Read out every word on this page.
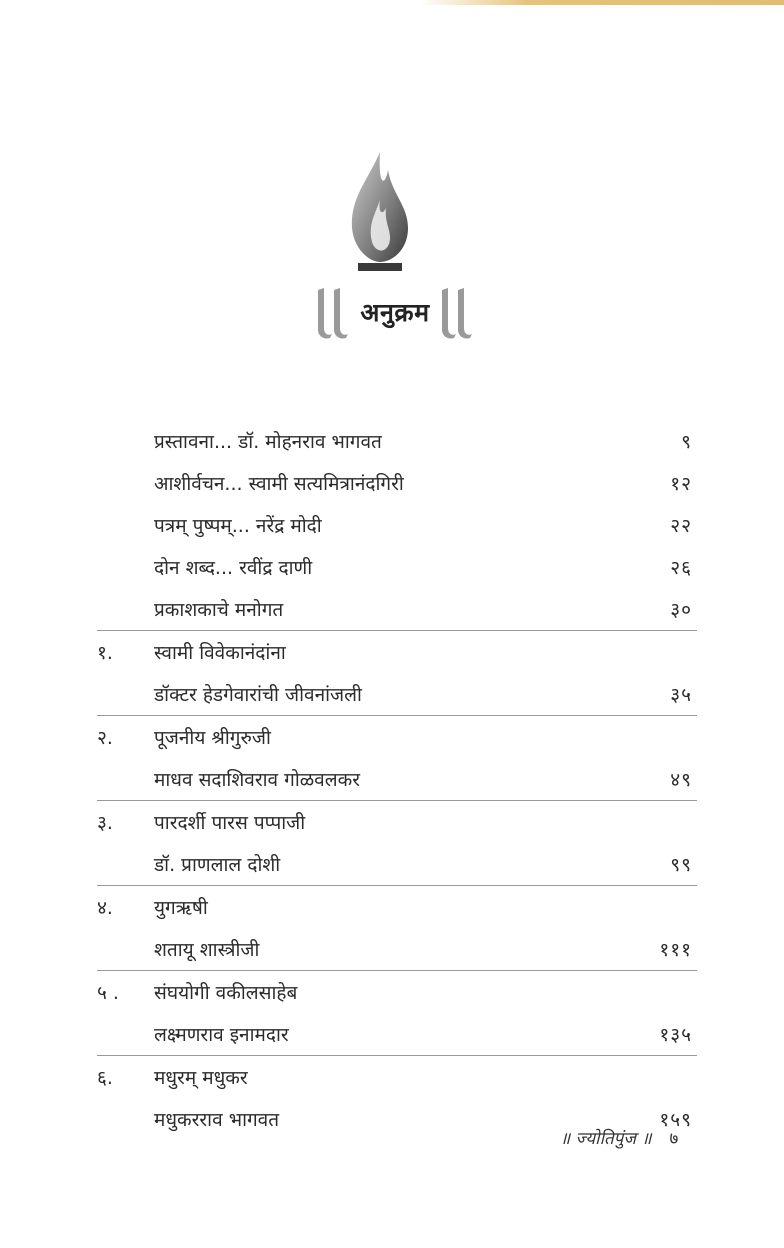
अनुक्रम
प्रस्तावना... डॉ. मोहनराव भागवत	९
आशीर्वचन... स्वामी सत्यमित्रानंदगिरी	१२
पत्रम् पुष्पम्... नरेंद्र मोदी	२२
दोन शब्द... रवींद्र दाणी	२६
प्रकाशकाचे मनोगत	३०
१. स्वामी विवेकानंदांना
डॉक्टर हेडगेवारांची जीवनांजली	३५
२. पूजनीय श्रीगुरुजी
माधव सदाशिवराव गोळवलकर	४९
३. पारदर्शी पारस पप्पाजी
डॉ. प्राणलाल दोशी	९९
४. युगऋषी
शतायू शास्त्रीजी	१११
५ . संघयोगी वकीलसाहेब
लक्ष्मणराव इनामदार	१३५
६. मधुरम् मधुकर
मधुकरराव भागवत	१५९
॥ ज्योतिपुंज ॥ ७
